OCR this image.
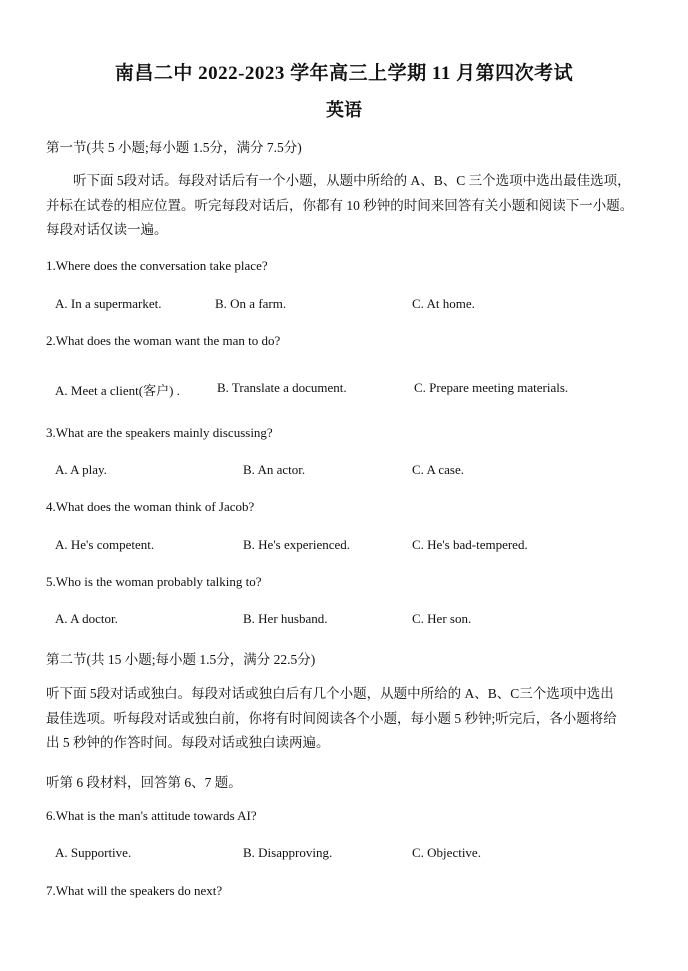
南昌二中 2022-2023 学年高三上学期 11 月第四次考试
英语
第一节(共 5 小题;每小题 1.5分，满分 7.5分)
听下面 5段对话。每段对话后有一个小题，从题中所给的 A、B、C 三个选项中选出最佳选项，
并标在试卷的相应位置。听完每段对话后，你都有 10 秒钟的时间来回答有关小题和阅读下一小题。
每段对话仅读一遍。
1.Where does the conversation take place?
A. In a supermarket.	B. On a farm.	C. At home.
2.What does the woman want the man to do?
A. Meet a client(客户) .	B. Translate a document.	C. Prepare meeting materials.
3.What are the speakers mainly discussing?
A. A play.	B. An actor.	C. A case.
4.What does the woman think of Jacob?
A. He's competent.	B. He's experienced.	C. He's bad-tempered.
5.Who is the woman probably talking to?
A. A doctor.	B. Her husband.	C. Her son.
第二节(共 15 小题;每小题 1.5分，满分 22.5分)
听下面 5段对话或独白。每段对话或独白后有几个小题，从题中所给的 A、B、C三个选项中选出
最佳选项。听每段对话或独白前，你将有时间阅读各个小题，每小题 5 秒钟;听完后，各小题将给
出 5 秒钟的作答时间。每段对话或独白读两遍。
听第 6 段材料，回答第 6、7 题。
6.What is the man's attitude towards AI?
A. Supportive.	B. Disapproving.	C. Objective.
7.What will the speakers do next?
